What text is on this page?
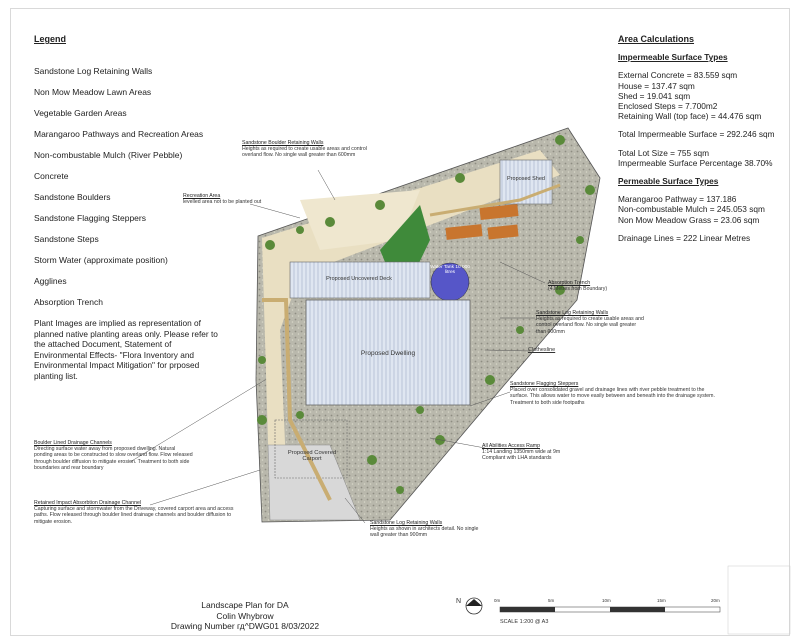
Legend
Sandstone Log Retaining Walls
Non Mow Meadow Lawn Areas
Vegetable Garden Areas
Marangaroo Pathways and Recreation Areas
Non-combustable Mulch (River Pebble)
Concrete
Sandstone Boulders
Sandstone Flagging Steppers
Sandstone Steps
Storm Water (approximate position)
Agglines
Absorption Trench
Plant Images are implied as representation of planned native planting areas only. Please refer to the attached Document, Statement of Environmental Effects- "Flora Inventory and Environmental Impact Mitigation" for prposed planting list.
Area Calculations
Impermeable Surface Types
External Concrete = 83.559 sqm
House = 137.47 sqm
Shed = 19.041 sqm
Enclosed Steps = 7.700m2
Retaining Wall (top face) = 44.476 sqm
Total Impermeable Surface = 292.246 sqm
Total Lot Size = 755 sqm
Impermeable Surface Percentage 38.70%
Permeable Surface Types
Marangaroo Pathway = 137.186
Non-combustable Mulch = 245.053 sqm
Non Mow Meadow Grass = 23.06 sqm
Drainage Lines = 222 Linear Metres
Proposed Shed
Proposed Uncovered Deck
Water Tank 10 000 litres
Proposed Dwelling
Proposed Covered Carport
Clothesline
Sandstone Boulder Retaining Walls
Heights as required to create usable areas and control overland flow. No single wall greater than 600mm
Recreation Area
levelled area not to be planted out
Absorption Trench
(4 Metres from Boundary)
Sandstone Log Retaining Walls
Heights as required to create usable areas and control overland flow. No single wall greater than 900mm
Sandstone Flagging Steppers
Placed over consolidated gravel and drainage lines with river pebble treatment to the surface. This allows water to move easily between and beneath into the drainage system. Treatment to both side footpaths
All Abilities Access Ramp
1:14 Landing 1350mm wide at 9m Compliant with LHA standards
Boulder Lined Drainage Channels
Directing surface water away from proposed dwelling. Natural ponding areas to be constructed to slow overland flow. Flow released through boulder diffusion to mitigate erosion. Treatment to both side boundaries and rear boundary
Retained Impact Absorbtion Drainage Channel
Capturing surface and stormwater from the Driveway, covered carport area and access paths. Flow released through boulder lined drainage channels and boulder diffusion to mitigate erosion.	Sandstone Log Retaining Walls
Heights as shown in architects detail. No single wall greater than 900mm
Landscape Plan for DA
Colin Whybrow
Drawing Number гд^DWG01 8/03/2022
N	0m	5m	10m	15m	20m
SCALE 1:200 @ A3
